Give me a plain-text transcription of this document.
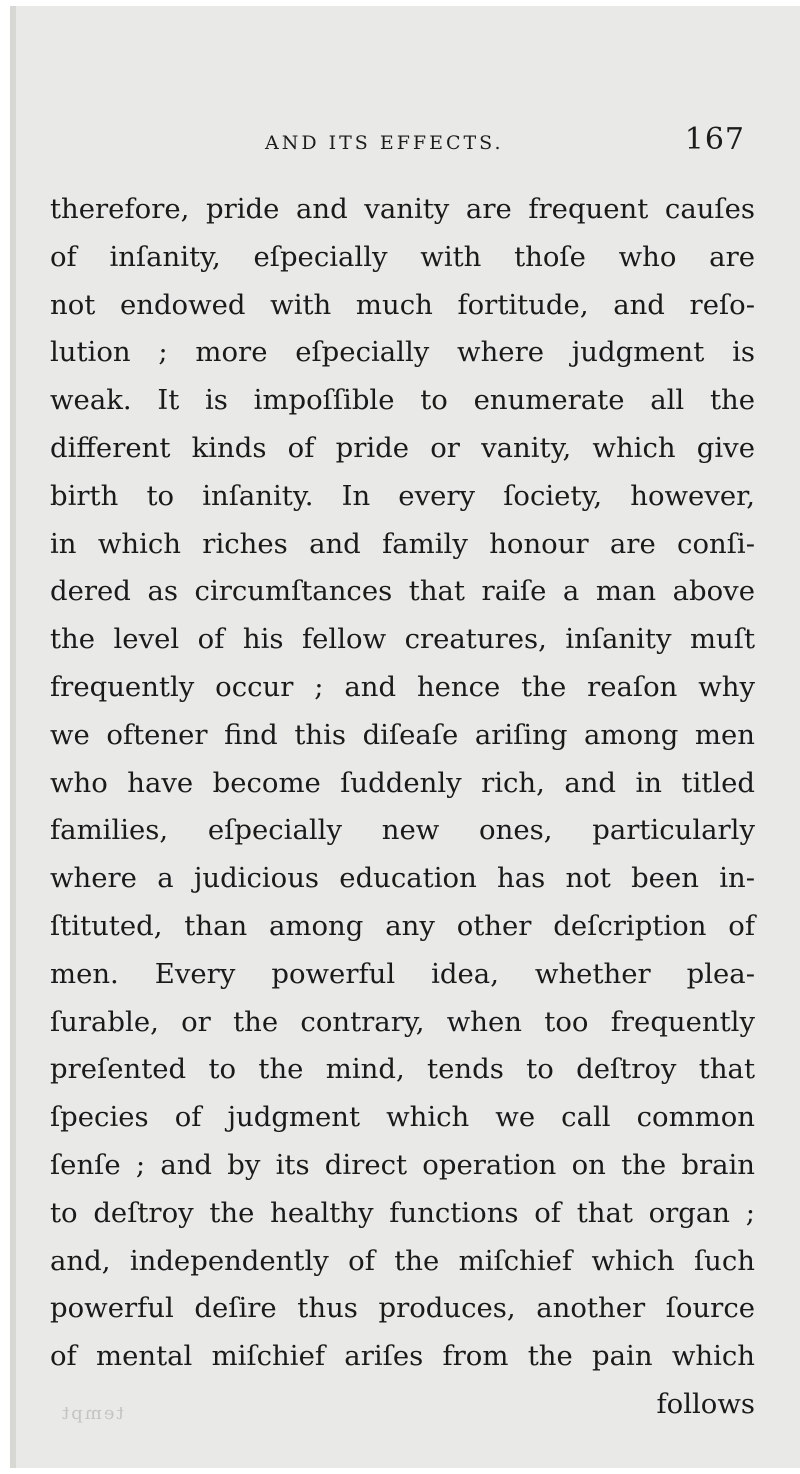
AND ITS EFFECTS.	167
therefore, pride and vanity are frequent cauſes
of inſanity, eſpecially with thoſe who are
not endowed with much fortitude, and reſo-
lution ; more eſpecially where judgment is
weak. It is impoſſible to enumerate all the
different kinds of pride or vanity, which give
birth to inſanity. In every ſociety, however,
in which riches and family honour are conſi-
dered as circumſtances that raiſe a man above
the level of his fellow creatures, inſanity muſt
frequently occur ; and hence the reaſon why
we oftener find this diſeaſe ariſing among men
who have become ſuddenly rich, and in titled
families, eſpecially new ones, particularly
where a judicious education has not been in-
ſtituted, than among any other deſcription of
men. Every powerful idea, whether plea-
ſurable, or the contrary, when too frequently
preſented to the mind, tends to deſtroy that
ſpecies of judgment which we call common
ſenſe ; and by its direct operation on the brain
to deſtroy the healthy functions of that organ ;
and, independently of the miſchief which ſuch
powerful deſire thus produces, another ſource
of mental miſchief ariſes from the pain which
follows
tempt
